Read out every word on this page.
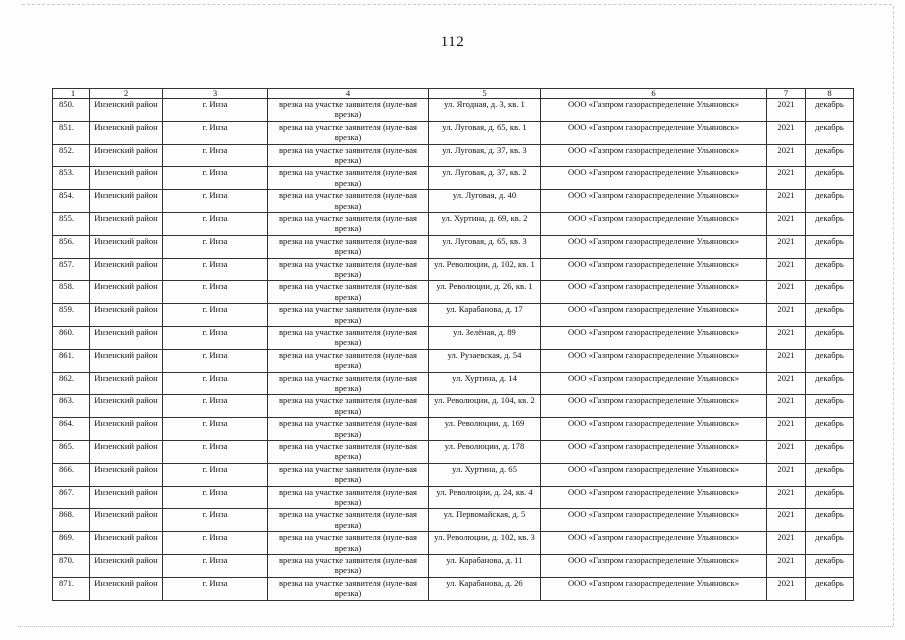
112
1	2	3	4	5	6	7	8
850.	Инзенский район	г. Инза	врезка на участке заявителя (нуле-вая врезка)	ул. Ягодная, д. 3, кв. 1	ООО «Газпром газораспределение Ульяновск»	2021	декабрь
851.	Инзенский район	г. Инза	врезка на участке заявителя (нуле-вая врезка)	ул. Луговая, д. 65, кв. 1	ООО «Газпром газораспределение Ульяновск»	2021	декабрь
852.	Инзенский район	г. Инза	врезка на участке заявителя (нуле-вая врезка)	ул. Луговая, д. 37, кв. 3	ООО «Газпром газораспределение Ульяновск»	2021	декабрь
853.	Инзенский район	г. Инза	врезка на участке заявителя (нуле-вая врезка)	ул. Луговая, д. 37, кв. 2	ООО «Газпром газораспределение Ульяновск»	2021	декабрь
854.	Инзенский район	г. Инза	врезка на участке заявителя (нуле-вая врезка)	ул. Луговая, д. 40	ООО «Газпром газораспределение Ульяновск»	2021	декабрь
855.	Инзенский район	г. Инза	врезка на участке заявителя (нуле-вая врезка)	ул. Хуртина, д. 69, кв. 2	ООО «Газпром газораспределение Ульяновск»	2021	декабрь
856.	Инзенский район	г. Инза	врезка на участке заявителя (нуле-вая врезка)	ул. Луговая, д. 65, кв. 3	ООО «Газпром газораспределение Ульяновск»	2021	декабрь
857.	Инзенский район	г. Инза	врезка на участке заявителя (нуле-вая врезка)	ул. Революции, д. 102, кв. 1	ООО «Газпром газораспределение Ульяновск»	2021	декабрь
858.	Инзенский район	г. Инза	врезка на участке заявителя (нуле-вая врезка)	ул. Революции, д. 26, кв. 1	ООО «Газпром газораспределение Ульяновск»	2021	декабрь
859.	Инзенский район	г. Инза	врезка на участке заявителя (нуле-вая врезка)	ул. Карабанова, д. 17	ООО «Газпром газораспределение Ульяновск»	2021	декабрь
860.	Инзенский район	г. Инза	врезка на участке заявителя (нуле-вая врезка)	ул. Зелёная, д. 89	ООО «Газпром газораспределение Ульяновск»	2021	декабрь
861.	Инзенский район	г. Инза	врезка на участке заявителя (нуле-вая врезка)	ул. Рузаевская, д. 54	ООО «Газпром газораспределение Ульяновск»	2021	декабрь
862.	Инзенский район	г. Инза	врезка на участке заявителя (нуле-вая врезка)	ул. Хуртина, д. 14	ООО «Газпром газораспределение Ульяновск»	2021	декабрь
863.	Инзенский район	г. Инза	врезка на участке заявителя (нуле-вая врезка)	ул. Революции, д. 104, кв. 2	ООО «Газпром газораспределение Ульяновск»	2021	декабрь
864.	Инзенский район	г. Инза	врезка на участке заявителя (нуле-вая врезка)	ул. Революции, д. 169	ООО «Газпром газораспределение Ульяновск»	2021	декабрь
865.	Инзенский район	г. Инза	врезка на участке заявителя (нуле-вая врезка)	ул. Революции, д. 178	ООО «Газпром газораспределение Ульяновск»	2021	декабрь
866.	Инзенский район	г. Инза	врезка на участке заявителя (нуле-вая врезка)	ул. Хуртина, д. 65	ООО «Газпром газораспределение Ульяновск»	2021	декабрь
867.	Инзенский район	г. Инза	врезка на участке заявителя (нуле-вая врезка)	ул. Революции, д. 24, кв. 4	ООО «Газпром газораспределение Ульяновск»	2021	декабрь
868.	Инзенский район	г. Инза	врезка на участке заявителя (нуле-вая врезка)	ул. Первомайская, д. 5	ООО «Газпром газораспределение Ульяновск»	2021	декабрь
869.	Инзенский район	г. Инза	врезка на участке заявителя (нуле-вая врезка)	ул. Революции, д. 102, кв. 3	ООО «Газпром газораспределение Ульяновск»	2021	декабрь
870.	Инзенский район	г. Инза	врезка на участке заявителя (нуле-вая врезка)	ул. Карабанова, д. 11	ООО «Газпром газораспределение Ульяновск»	2021	декабрь
871.	Инзенский район	г. Инза	врезка на участке заявителя (нуле-вая врезка)	ул. Карабанова, д. 26	ООО «Газпром газораспределение Ульяновск»	2021	декабрь
